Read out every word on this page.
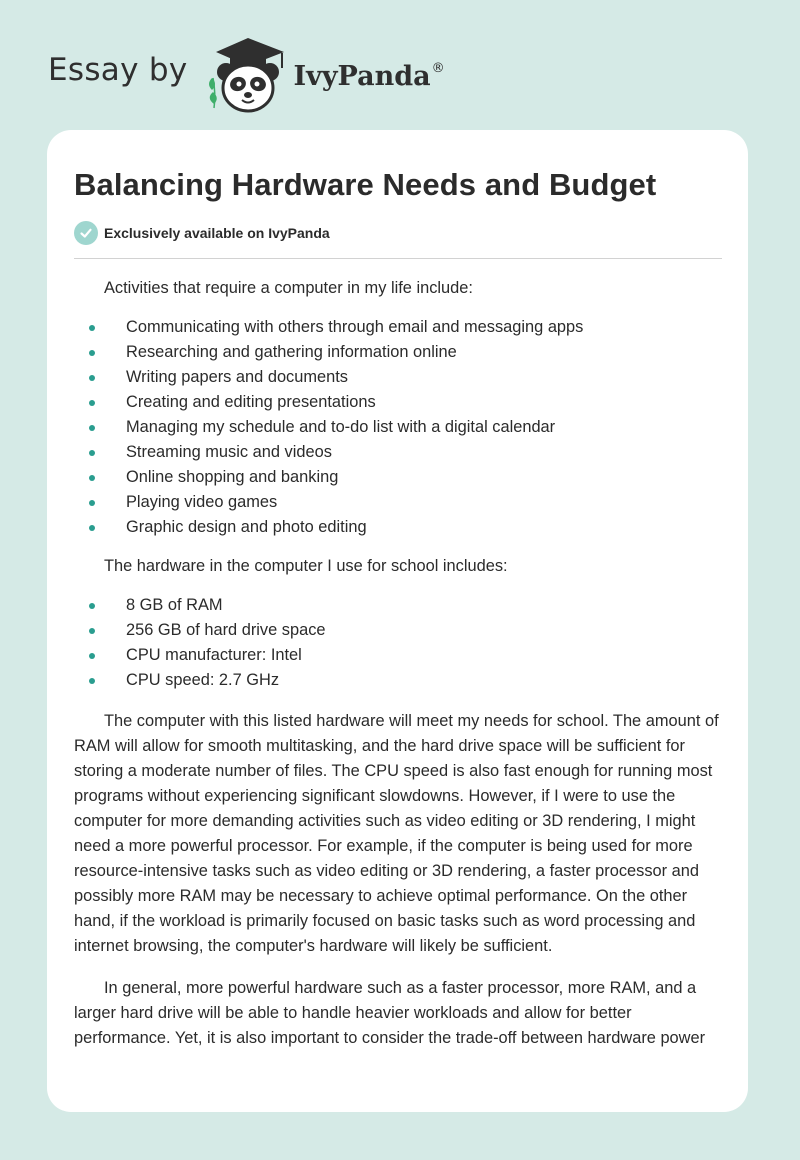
Essay by	IvyPanda®
Balancing Hardware Needs and Budget
Exclusively available on IvyPanda

Activities that require a computer in my life include:

Communicating with others through email and messaging apps
Researching and gathering information online
Writing papers and documents
Creating and editing presentations
Managing my schedule and to-do list with a digital calendar
Streaming music and videos
Online shopping and banking
Playing video games
Graphic design and photo editing

The hardware in the computer I use for school includes:

8 GB of RAM
256 GB of hard drive space
CPU manufacturer: Intel
CPU speed: 2.7 GHz

The computer with this listed hardware will meet my needs for school. The amount of RAM will allow for smooth multitasking, and the hard drive space will be sufficient for storing a moderate number of files. The CPU speed is also fast enough for running most programs without experiencing significant slowdowns. However, if I were to use the computer for more demanding activities such as video editing or 3D rendering, I might need a more powerful processor. For example, if the computer is being used for more resource-intensive tasks such as video editing or 3D rendering, a faster processor and possibly more RAM may be necessary to achieve optimal performance. On the other hand, if the workload is primarily focused on basic tasks such as word processing and internet browsing, the computer's hardware will likely be sufficient.

In general, more powerful hardware such as a faster processor, more RAM, and a larger hard drive will be able to handle heavier workloads and allow for better performance. Yet, it is also important to consider the trade-off between hardware power
